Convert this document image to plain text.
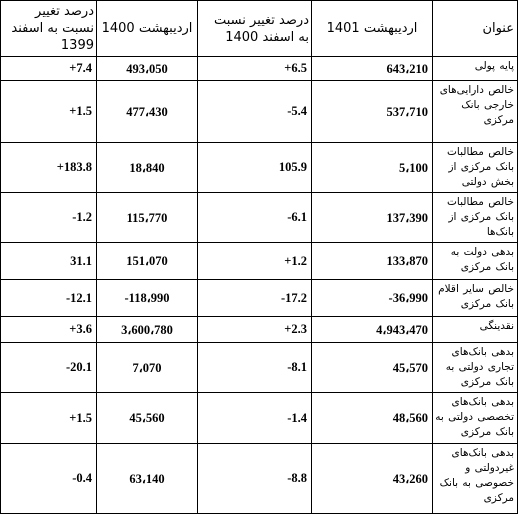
درصد تغییر نسبت به اسفند 1399	اردیبهشت 1400	درصد تغییر نسبت به اسفند 1400	اردیبهشت 1401	عنوان
+7.4	493،050	+6.5	643،210	پایه پولی
+1.5	477،430	-5.4	537،710	خالص دارایی‌های خارجی بانک مرکزی
+183.8	18،840	105.9	5،100	خالص مطالبات بانک مرکزی از بخش دولتی
-1.2	115،770	-6.1	137،390	خالص مطالبات بانک مرکزی از بانک‌ها
31.1	151،070	+1.2	133،870	بدهی دولت به بانک مرکزی
-12.1	-118،990	-17.2	-36،990	خالص سایر اقلام بانک مرکزی
+3.6	3،600،780	+2.3	4،943،470	نقدینگی
-20.1	7،070	-8.1	45،570	بدهی بانک‌های تجاری دولتی به بانک مرکزی
+1.5	45،560	-1.4	48،560	بدهی بانک‌های تخصصی دولتی به بانک مرکزی
-0.4	63،140	-8.8	43،260	بدهی بانک‌های غیردولتی و خصوصی به بانک مرکزی
